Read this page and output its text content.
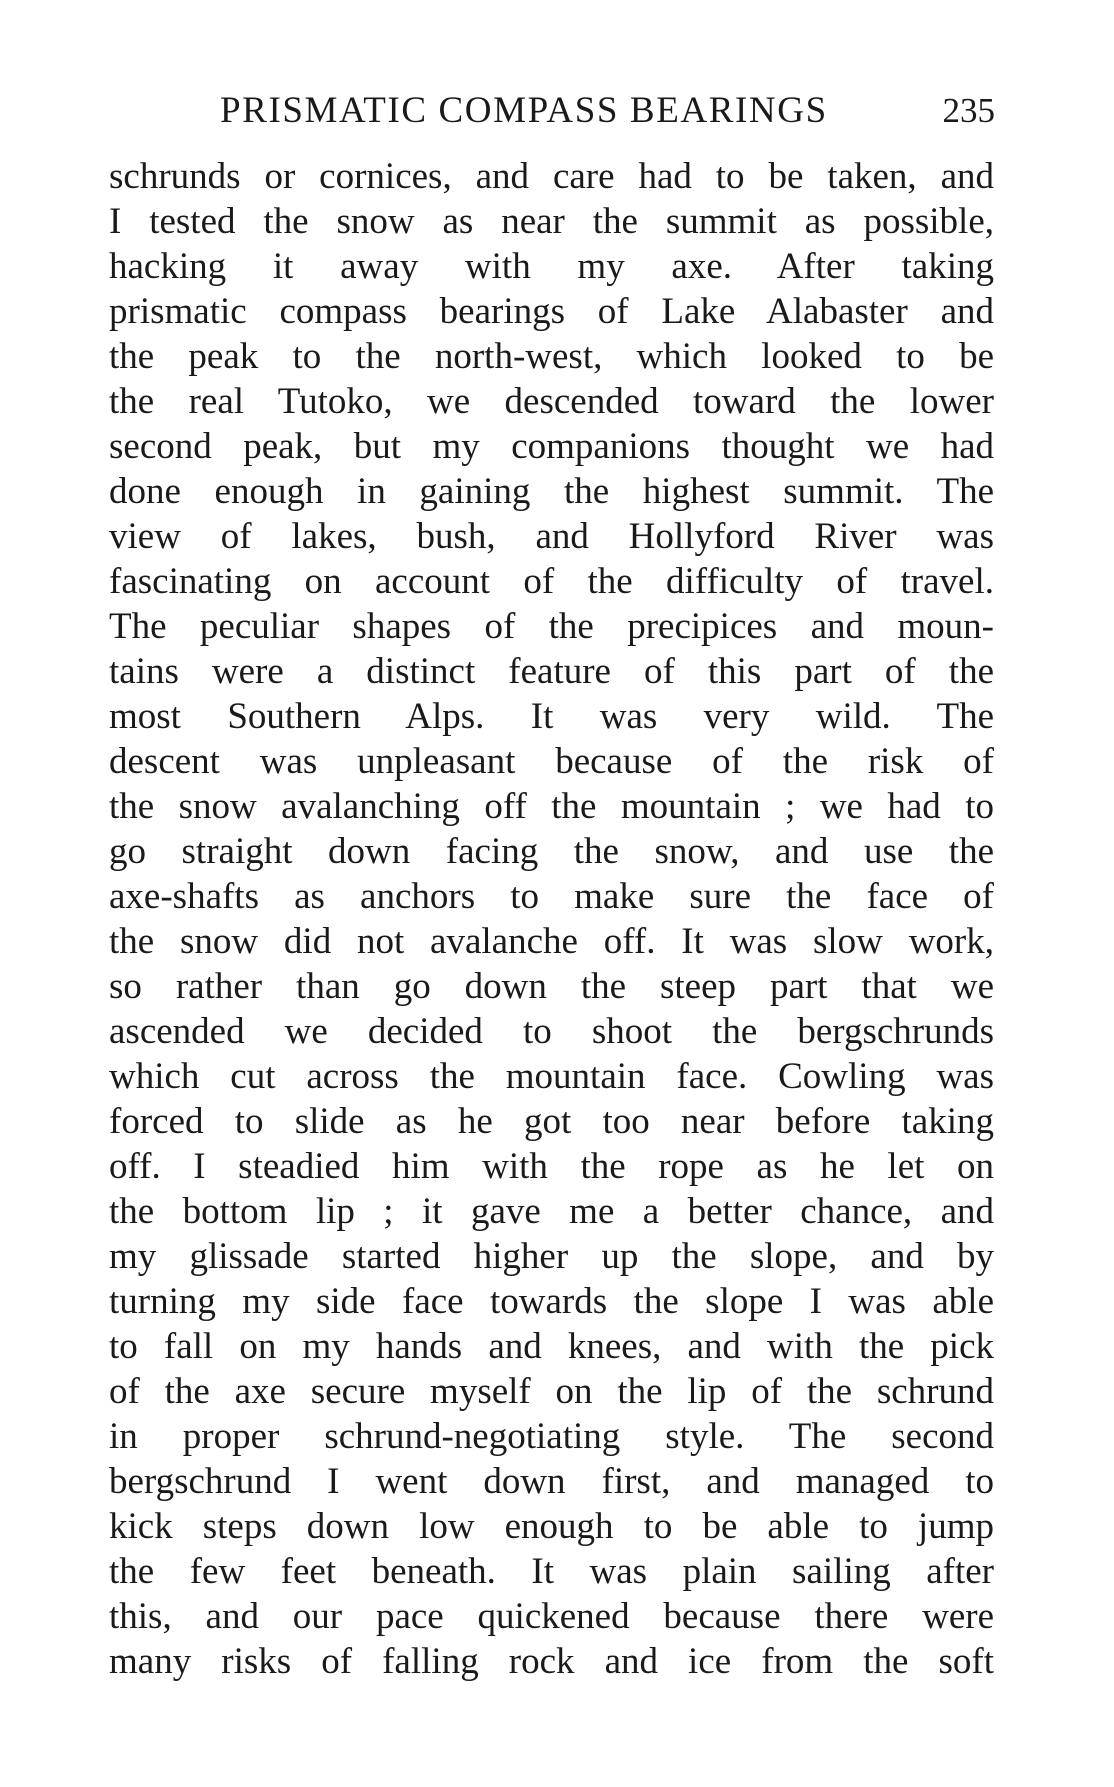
PRISMATIC COMPASS BEARINGS	235
schrunds or cornices, and care had to be taken, and
I tested the snow as near the summit as possible,
hacking it away with my axe. After taking
prismatic compass bearings of Lake Alabaster and
the peak to the north-west, which looked to be
the real Tutoko, we descended toward the lower
second peak, but my companions thought we had
done enough in gaining the highest summit. The
view of lakes, bush, and Hollyford River was
fascinating on account of the difficulty of travel.
The peculiar shapes of the precipices and moun-
tains were a distinct feature of this part of the
most Southern Alps. It was very wild. The
descent was unpleasant because of the risk of
the snow avalanching off the mountain ; we had to
go straight down facing the snow, and use the
axe-shafts as anchors to make sure the face of
the snow did not avalanche off. It was slow work,
so rather than go down the steep part that we
ascended we decided to shoot the bergschrunds
which cut across the mountain face. Cowling was
forced to slide as he got too near before taking
off. I steadied him with the rope as he let on
the bottom lip ; it gave me a better chance, and
my glissade started higher up the slope, and by
turning my side face towards the slope I was able
to fall on my hands and knees, and with the pick
of the axe secure myself on the lip of the schrund
in proper schrund-negotiating style. The second
bergschrund I went down first, and managed to
kick steps down low enough to be able to jump
the few feet beneath. It was plain sailing after
this, and our pace quickened because there were
many risks of falling rock and ice from the soft
